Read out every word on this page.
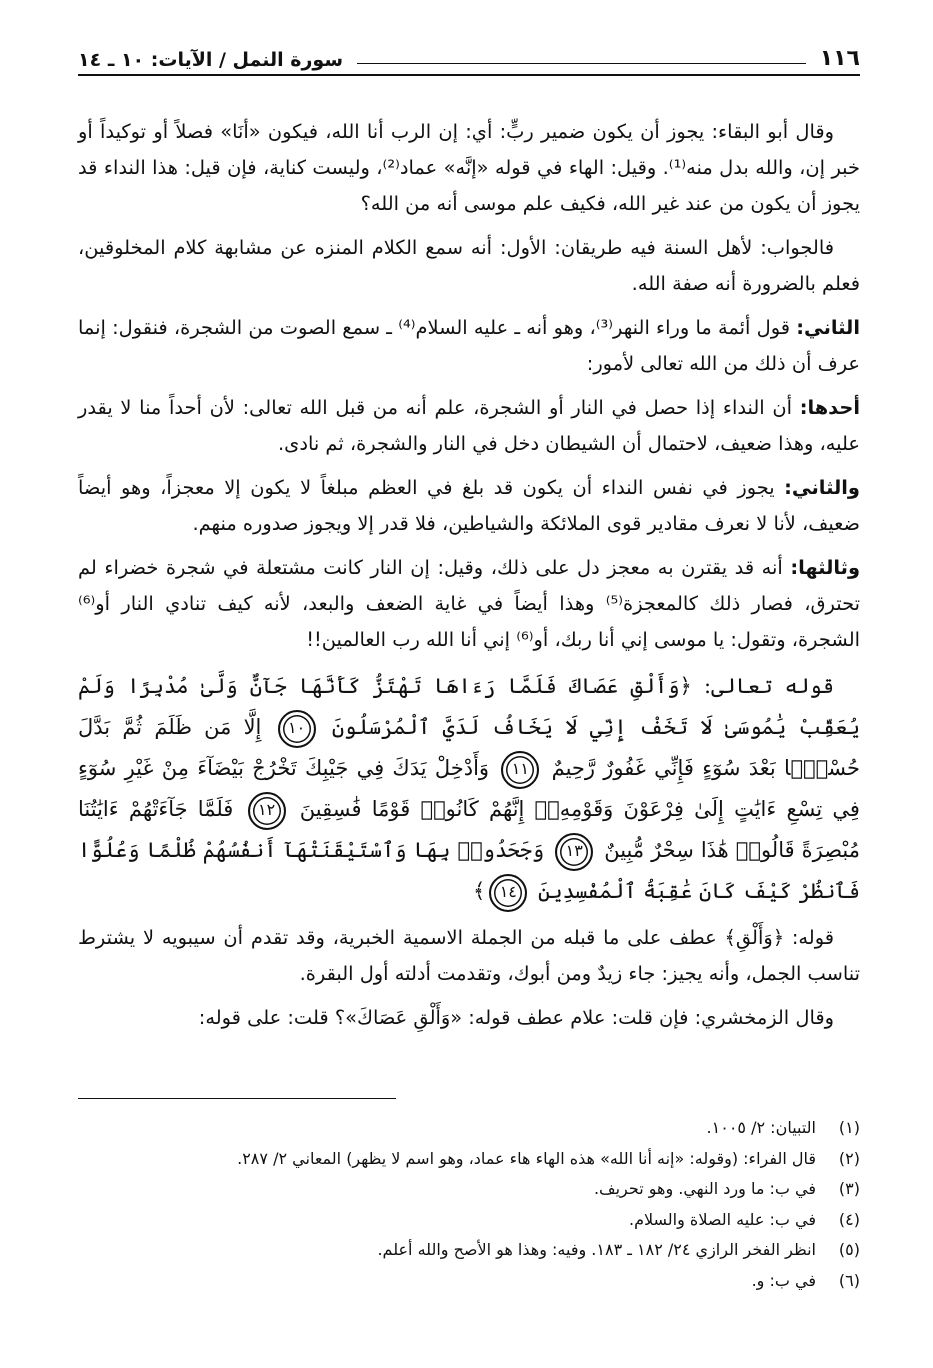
١١٦
سورة النمل / الآيات: ١٠ ـ ١٤

وقال أبو البقاء: يجوز أن يكون ضمير ربٍّ: أي: إن الرب أنا الله، فيكون «أنَا» فصلاً أو توكيداً أو خبر إن، والله بدل منه⁽¹⁾. وقيل: الهاء في قوله «إنَّه» عماد⁽²⁾، وليست كناية، فإن قيل: هذا النداء قد يجوز أن يكون من عند غير الله، فكيف علم موسى أنه من الله؟

فالجواب: لأهل السنة فيه طريقان: الأول: أنه سمع الكلام المنزه عن مشابهة كلام المخلوقين، فعلم بالضرورة أنه صفة الله.

الثاني: قول أئمة ما وراء النهر⁽³⁾، وهو أنه ـ عليه السلام⁽⁴⁾ ـ سمع الصوت من الشجرة، فنقول: إنما عرف أن ذلك من الله تعالى لأمور:

أحدها: أن النداء إذا حصل في النار أو الشجرة، علم أنه من قبل الله تعالى: لأن أحداً منا لا يقدر عليه، وهذا ضعيف، لاحتمال أن الشيطان دخل في النار والشجرة، ثم نادى.

والثاني: يجوز في نفس النداء أن يكون قد بلغ في العظم مبلغاً لا يكون إلا معجزاً، وهو أيضاً ضعيف، لأنا لا نعرف مقادير قوى الملائكة والشياطين، فلا قدر إلا ويجوز صدوره منهم.

وثالثها: أنه قد يقترن به معجز دل على ذلك، وقيل: إن النار كانت مشتعلة في شجرة خضراء لم تحترق، فصار ذلك كالمعجزة⁽⁵⁾ وهذا أيضاً في غاية الضعف والبعد، لأنه كيف تنادي النار أو⁽⁶⁾ الشجرة، وتقول: يا موسى إني أنا ربك، أو⁽⁶⁾ إني أنا الله رب العالمين!!

قوله تعالى: ﴿وَأَلْقِ عَصَاكَ فَلَمَّا رَءَاهَا تَهْتَزُّ كَأَنَّهَا جَآنٌّ وَلَّىٰ مُدْبِرًا وَلَمْ يُعَقِّبْ يَٰمُوسَىٰ لَا تَخَفْ إِنِّي لَا يَخَافُ لَدَيَّ ٱلْمُرْسَلُونَ ١٠ إِلَّا مَن ظَلَمَ ثُمَّ بَدَّلَ حُسْنًۢا بَعْدَ سُوٓءٍ فَإِنِّي غَفُورٌ رَّحِيمٌ ١١ وَأَدْخِلْ يَدَكَ فِي جَيْبِكَ تَخْرُجْ بَيْضَآءَ مِنْ غَيْرِ سُوٓءٍ فِي تِسْعِ ءَايَٰتٍ إِلَىٰ فِرْعَوْنَ وَقَوْمِهِۦٓ إِنَّهُمْ كَانُوا۟ قَوْمًا فَٰسِقِينَ ١٢ فَلَمَّا جَآءَتْهُمْ ءَايَٰتُنَا مُبْصِرَةً قَالُوا۟ هَٰذَا سِحْرٌ مُّبِينٌ ١٣ وَجَحَدُوا۟ بِهَا وَٱسْتَيْقَنَتْهَآ أَنفُسُهُمْ ظُلْمًا وَعُلُوًّا فَٱنظُرْ كَيْفَ كَانَ عَٰقِبَةُ ٱلْمُفْسِدِينَ ١٤﴾

قوله: ﴿وَأَلْقِ﴾ عطف على ما قبله من الجملة الاسمية الخبرية، وقد تقدم أن سيبويه لا يشترط تناسب الجمل، وأنه يجيز: جاء زيدٌ ومن أبوك، وتقدمت أدلته أول البقرة.

وقال الزمخشري: فإن قلت: علام عطف قوله: «وَأَلْقِ عَصَاكَ»؟ قلت: على قوله:

(١)
التبيان: ٢/ ١٠٠٥.
(٢)
قال الفراء: (وقوله: «إنه أنا الله» هذه الهاء هاء عماد، وهو اسم لا يظهر) المعاني ٢/ ٢٨٧.
(٣)
في ب: ما ورد النهي. وهو تحريف.
(٤)
في ب: عليه الصلاة والسلام.
(٥)
انظر الفخر الرازي ٢٤/ ١٨٢ ـ ١٨٣. وفيه: وهذا هو الأصح والله أعلم.
(٦)
في ب: و.
